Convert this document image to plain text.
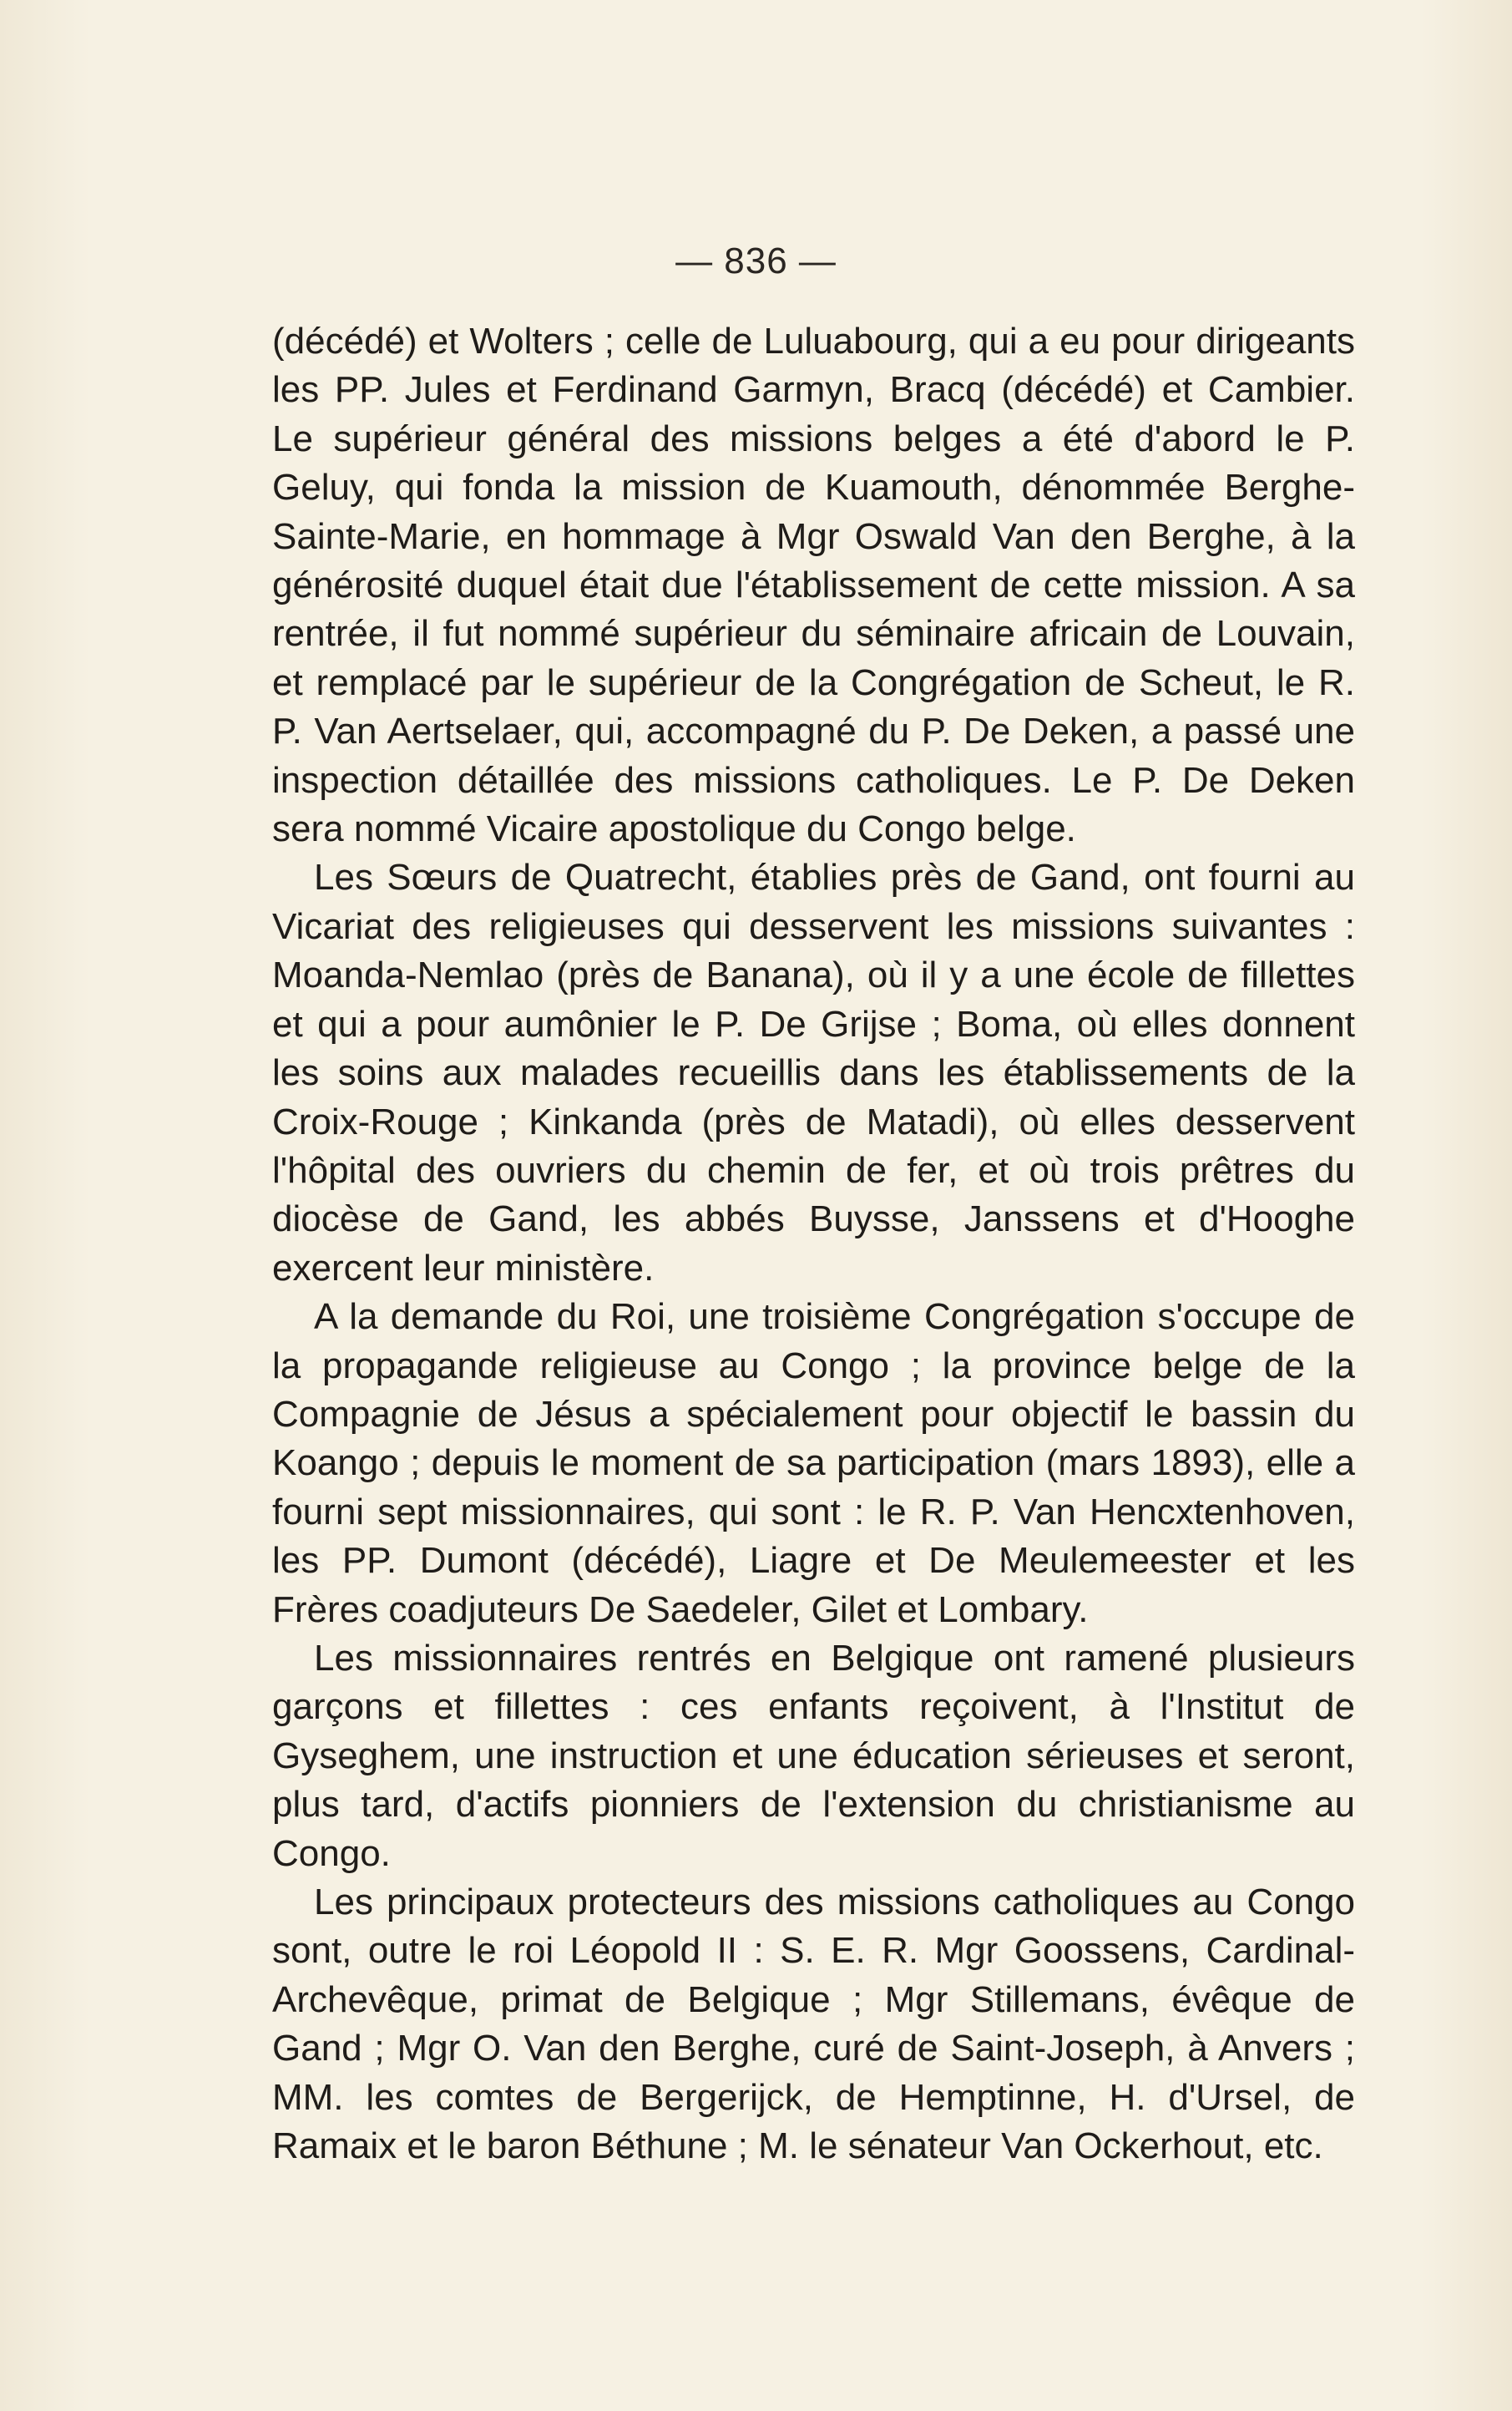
— 836 —

(décédé) et Wolters ; celle de Luluabourg, qui a eu pour dirigeants les PP. Jules et Ferdinand Garmyn, Bracq (décédé) et Cambier. Le supérieur général des missions belges a été d'abord le P. Geluy, qui fonda la mission de Kuamouth, dénommée Berghe-Sainte-Marie, en hommage à Mgr Oswald Van den Berghe, à la générosité duquel était due l'établissement de cette mission. A sa rentrée, il fut nommé supérieur du séminaire africain de Louvain, et remplacé par le supérieur de la Congrégation de Scheut, le R. P. Van Aertselaer, qui, accompagné du P. De Deken, a passé une inspection détaillée des missions catholiques. Le P. De Deken sera nommé Vicaire apostolique du Congo belge.

Les Sœurs de Quatrecht, établies près de Gand, ont fourni au Vicariat des religieuses qui desservent les missions suivantes : Moanda-Nemlao (près de Banana), où il y a une école de fillettes et qui a pour aumônier le P. De Grijse ; Boma, où elles donnent les soins aux malades recueillis dans les établissements de la Croix-Rouge ; Kinkanda (près de Matadi), où elles desservent l'hôpital des ouvriers du chemin de fer, et où trois prêtres du diocèse de Gand, les abbés Buysse, Janssens et d'Hooghe exercent leur ministère.

A la demande du Roi, une troisième Congrégation s'occupe de la propagande religieuse au Congo ; la province belge de la Compagnie de Jésus a spécialement pour objectif le bassin du Koango ; depuis le moment de sa participation (mars 1893), elle a fourni sept missionnaires, qui sont : le R. P. Van Hencxtenhoven, les PP. Dumont (décédé), Liagre et De Meulemeester et les Frères coadjuteurs De Saedeler, Gilet et Lombary.

Les missionnaires rentrés en Belgique ont ramené plusieurs garçons et fillettes : ces enfants reçoivent, à l'Institut de Gyseghem, une instruction et une éducation sérieuses et seront, plus tard, d'actifs pionniers de l'extension du christianisme au Congo.

Les principaux protecteurs des missions catholiques au Congo sont, outre le roi Léopold II : S. E. R. Mgr Goossens, Cardinal-Archevêque, primat de Belgique ; Mgr Stillemans, évêque de Gand ; Mgr O. Van den Berghe, curé de Saint-Joseph, à Anvers ; MM. les comtes de Bergerijck, de Hemptinne, H. d'Ursel, de Ramaix et le baron Béthune ; M. le sénateur Van Ockerhout, etc.
